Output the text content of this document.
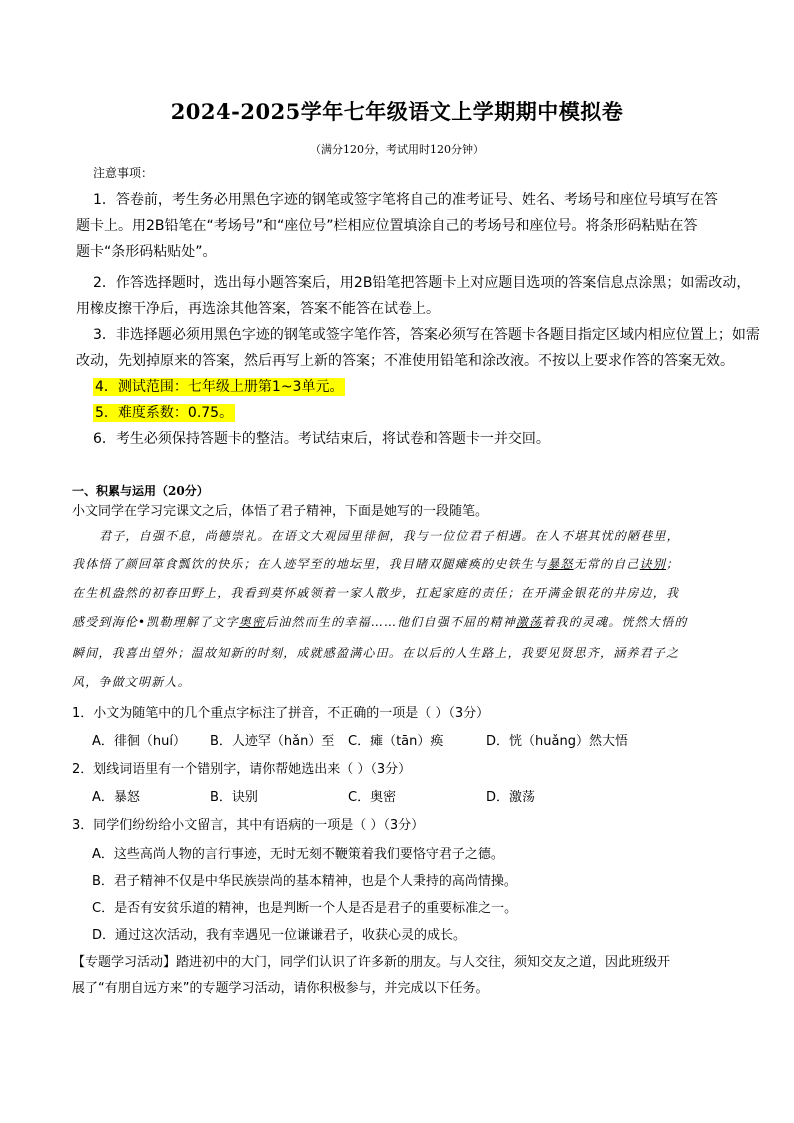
2024-2025学年七年级语文上学期期中模拟卷
（满分120分，考试用时120分钟）
注意事项：
1．答卷前，考生务必用黑色字迹的钢笔或签字笔将自己的准考证号、姓名、考场号和座位号填写在答
题卡上。用2B铅笔在“考场号”和“座位号”栏相应位置填涂自己的考场号和座位号。将条形码粘贴在答
题卡“条形码粘贴处”。
2．作答选择题时，选出每小题答案后，用2B铅笔把答题卡上对应题目选项的答案信息点涂黑；如需改动，
用橡皮擦干净后，再选涂其他答案，答案不能答在试卷上。
3．非选择题必须用黑色字迹的钢笔或签字笔作答，答案必须写在答题卡各题目指定区域内相应位置上；如需
改动，先划掉原来的答案，然后再写上新的答案；不准使用铅笔和涂改液。不按以上要求作答的答案无效。
4．测试范围：七年级上册第1~3单元。
5．难度系数：0.75。
6．考生必须保持答题卡的整洁。考试结束后，将试卷和答题卡一并交回。
一、积累与运用（20分）
小文同学在学习完课文之后，体悟了君子精神，下面是她写的一段随笔。
君子，自强不息，尚德崇礼。在语文大观园里徘徊，我与一位位君子相遇。在人不堪其忧的陋巷里，
我体悟了颜回箪食瓢饮的快乐；在人迹罕至的地坛里，我目睹双腿瘫痪的史铁生与暴怒无常的自己诀别；
在生机盎然的初春田野上，我看到莫怀戚领着一家人散步，扛起家庭的责任；在开满金银花的井房边，我
感受到海伦•凯勒理解了文字奥密后油然而生的幸福……他们自强不屈的精神激荡着我的灵魂。恍然大悟的
瞬间，我喜出望外；温故知新的时刻，成就感盈满心田。在以后的人生路上，我要见贤思齐，涵养君子之
风，争做文明新人。
1．小文为随笔中的几个重点字标注了拼音，不正确的一项是（ ）（3分）
A．徘徊（huí） B．人迹罕（hǎn）至 C．瘫（tān）痪	D．恍（huǎng）然大悟
2．划线词语里有一个错别字，请你帮她选出来（ ）（3分）
A．暴怒	B．诀别	C．奥密	D．激荡
3．同学们纷纷给小文留言，其中有语病的一项是（ ）（3分）
A．这些高尚人物的言行事迹，无时无刻不鞭策着我们要恪守君子之德。
B．君子精神不仅是中华民族崇尚的基本精神，也是个人秉持的高尚情操。
C．是否有安贫乐道的精神，也是判断一个人是否是君子的重要标准之一。
D．通过这次活动，我有幸遇见一位谦谦君子，收获心灵的成长。
【专题学习活动】踏进初中的大门，同学们认识了许多新的朋友。与人交往，须知交友之道，因此班级开
展了“有朋自远方来”的专题学习活动，请你积极参与，并完成以下任务。
